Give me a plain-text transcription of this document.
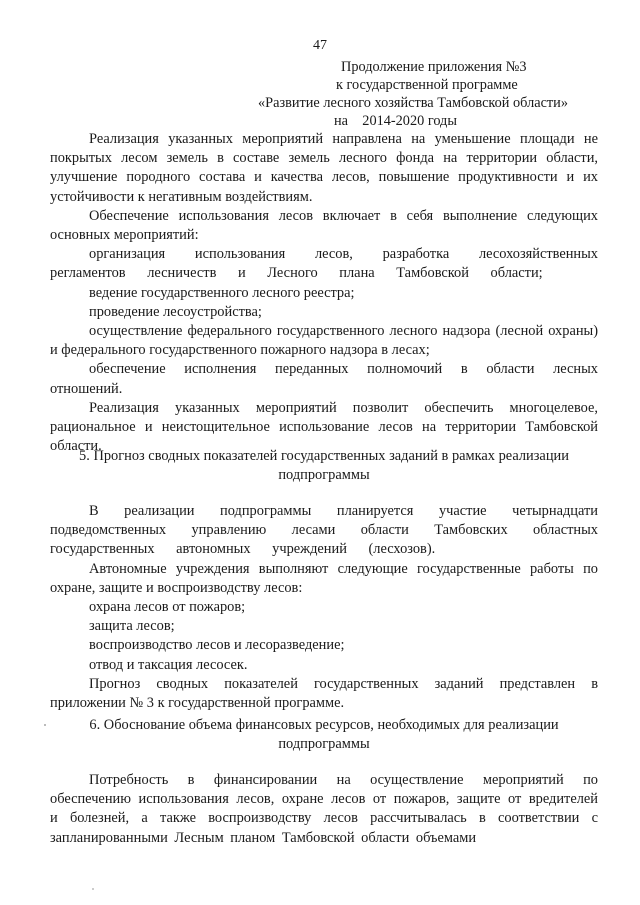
47
Продолжение приложения №3
к государственной программе
«Развитие лесного хозяйства Тамбовской области»
на    2014-2020 годы

Реализация указанных мероприятий направлена на уменьшение площади не покрытых лесом земель в составе земель лесного фонда на территории области, улучшение породного состава и качества лесов, повышение продуктивности и их устойчивости к негативным воздействиям.

Обеспечение использования лесов включает в себя выполнение следующих основных мероприятий:

организация использования лесов, разработка лесохозяйственных регламентов лесничеств и Лесного плана Тамбовской области;

ведение государственного лесного реестра;

проведение лесоустройства;

осуществление федерального государственного лесного надзора (лесной охраны) и федерального государственного пожарного надзора в лесах;

обеспечение исполнения переданных полномочий в области лесных отношений.

Реализация указанных мероприятий позволит обеспечить многоцелевое, рациональное и неистощительное использование лесов на территории Тамбовской области.

5. Прогноз сводных показателей государственных заданий в рамках реализации

подпрограммы

В реализации подпрограммы планируется участие четырнадцати подведомственных управлению лесами области Тамбовских областных государственных автономных учреждений (лесхозов).

Автономные учреждения выполняют следующие государственные работы по охране, защите и воспроизводству лесов:

охрана лесов от пожаров;

защита лесов;

воспроизводство лесов и лесоразведение;

отвод и таксация лесосек.

Прогноз сводных показателей государственных заданий представлен в приложении № 3 к государственной программе.

6. Обоснование объема финансовых ресурсов, необходимых для реализации

подпрограммы

Потребность в финансировании на осуществление мероприятий по обеспечению использования лесов, охране лесов от пожаров, защите от вредителей и болезней, а также воспроизводству лесов рассчитывалась в соответствии с запланированными Лесным планом Тамбовской области объемами
